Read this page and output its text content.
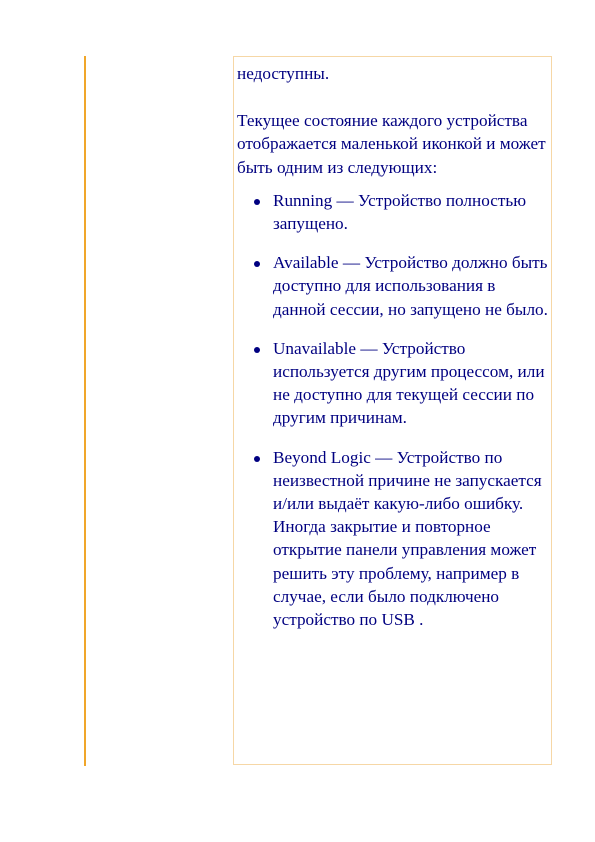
недоступны.

Текущее состояние каждого устройства отображается маленькой иконкой и может быть одним из следующих:

Running — Устройство полностью запущено.
Available — Устройство должно быть доступно для использования в данной сессии, но запущено не было.
Unavailable — Устройство используется другим процессом, или не доступно для текущей сессии по другим причинам.
Beyond Logic — Устройство по неизвестной причине не запускается и/или выдаёт какую-либо ошибку. Иногда закрытие и повторное открытие панели управления может решить эту проблему, например в случае, если было подключено устройство по USB .
